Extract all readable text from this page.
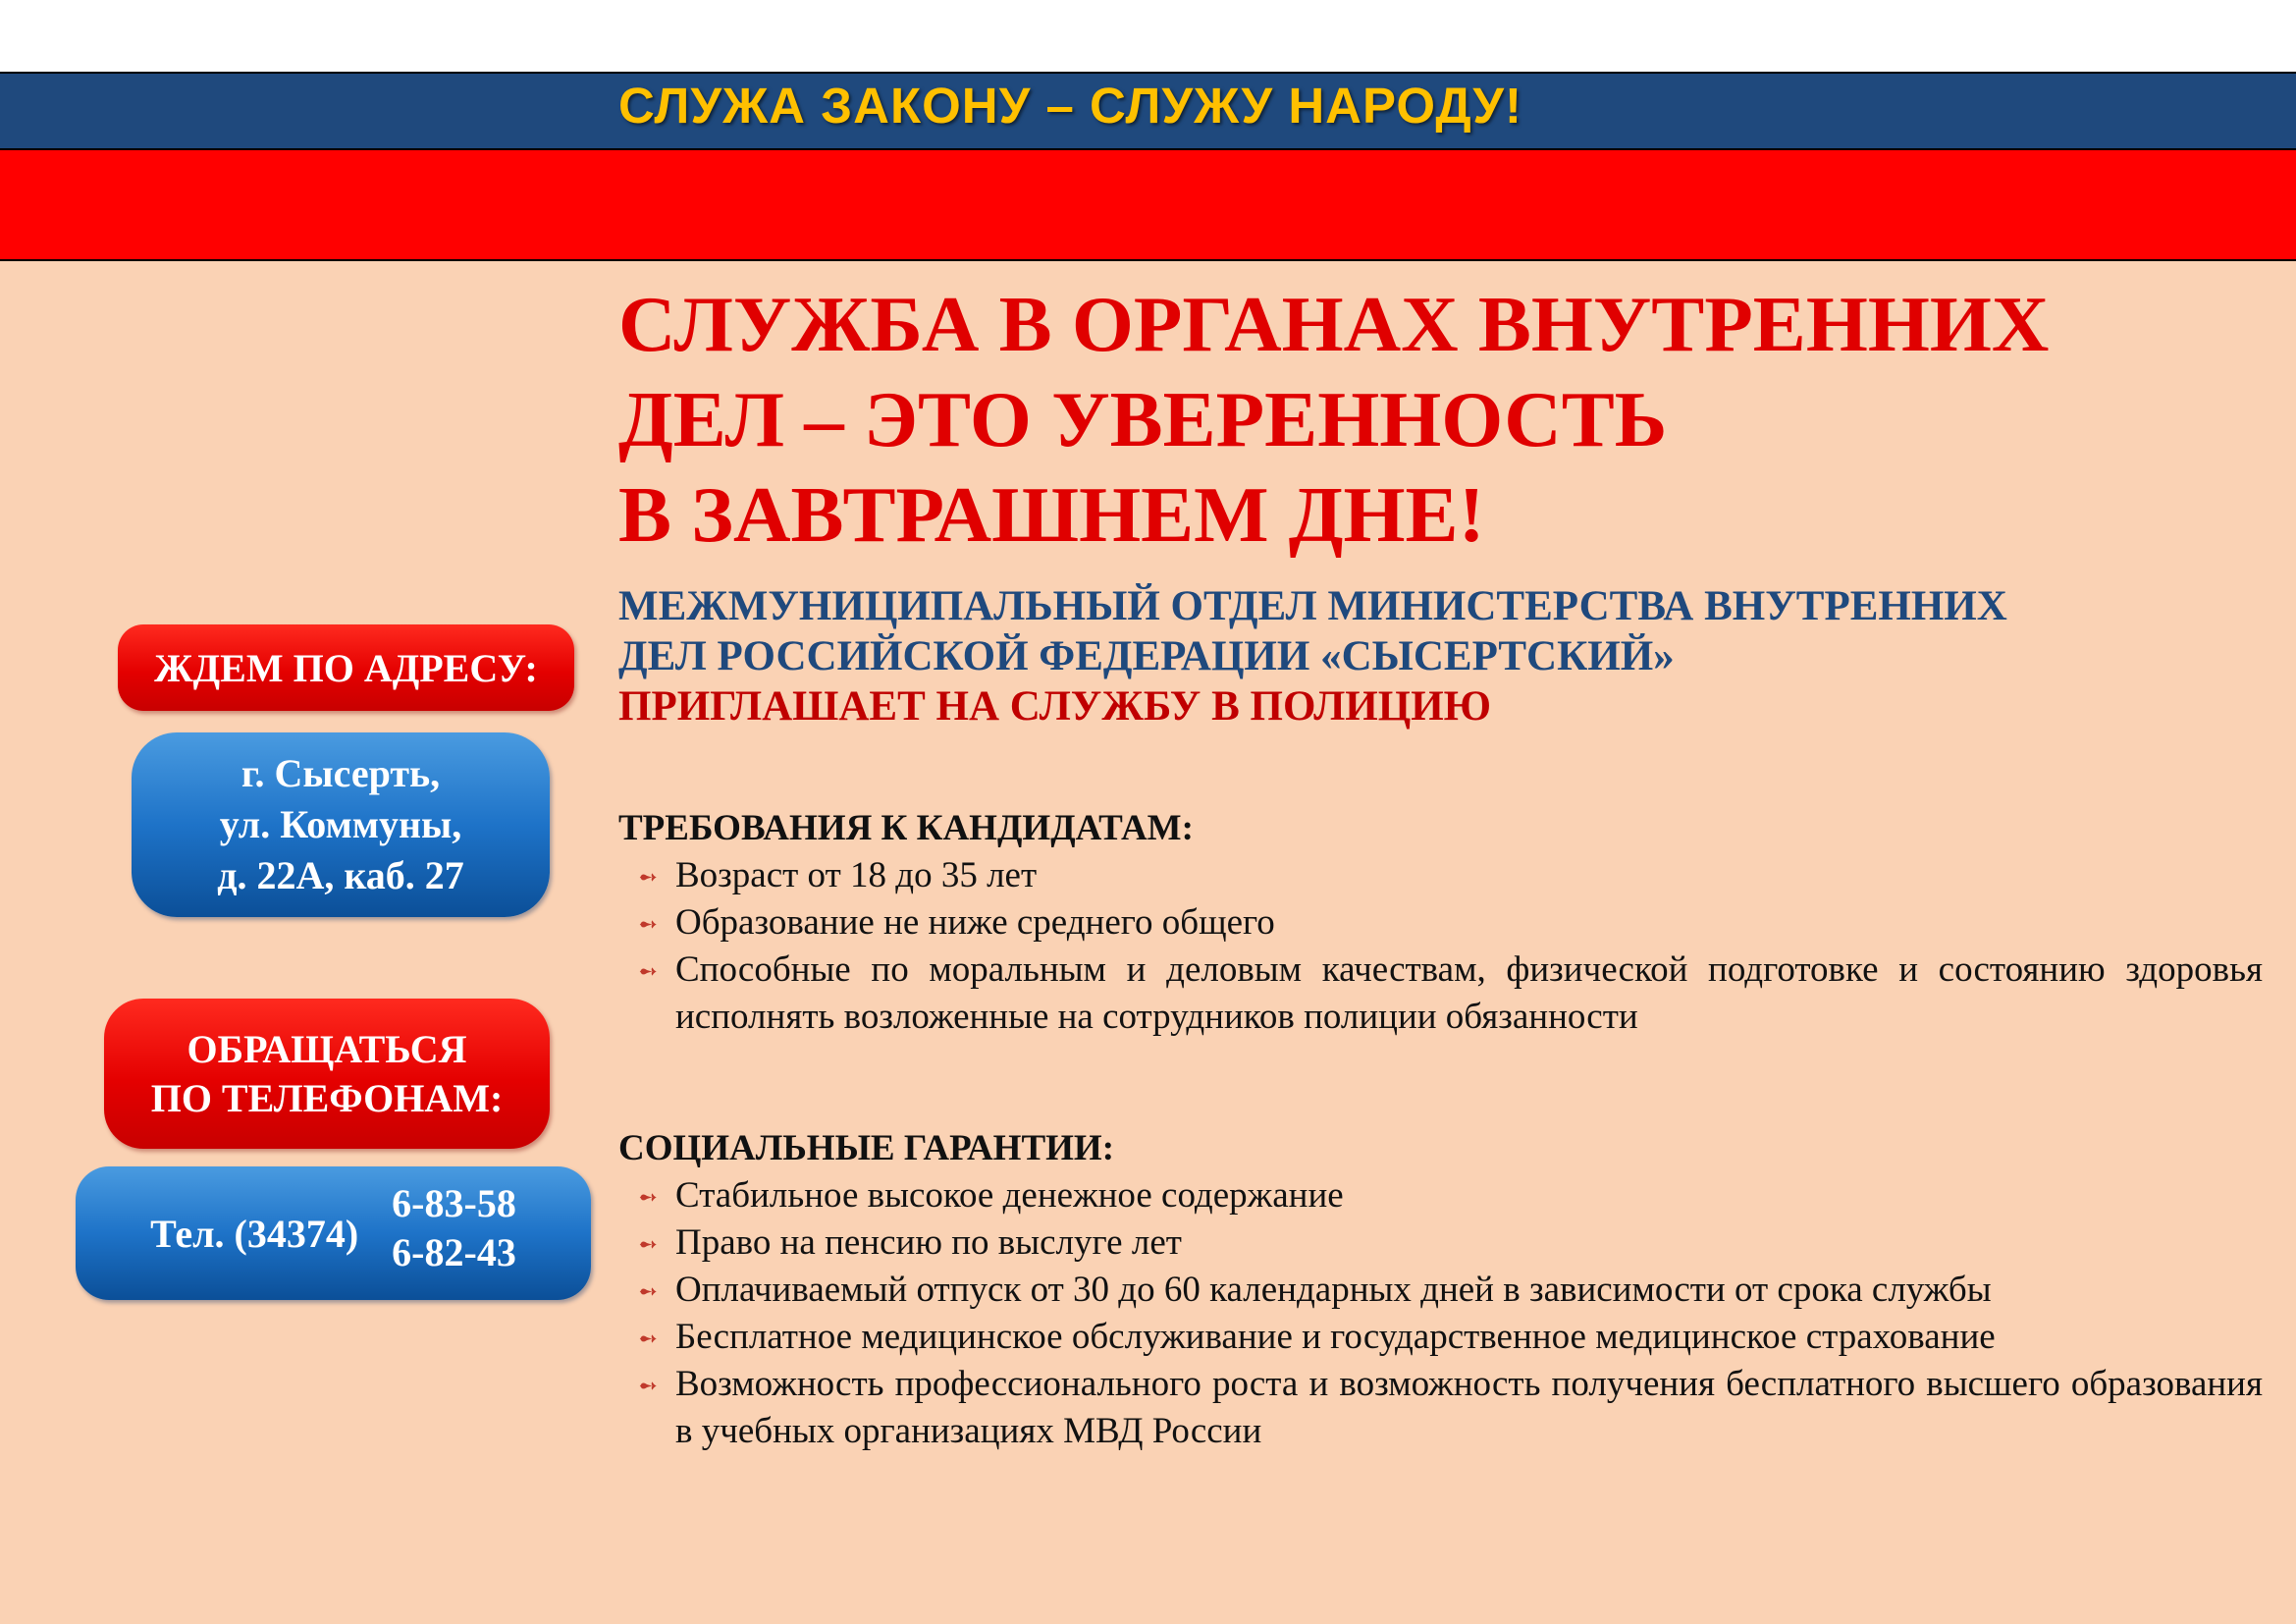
СЛУЖА ЗАКОНУ – СЛУЖУ НАРОДУ!
СЛУЖБА В ОРГАНАХ ВНУТРЕННИХ
ДЕЛ – ЭТО УВЕРЕННОСТЬ
В ЗАВТРАШНЕМ ДНЕ!
МЕЖМУНИЦИПАЛЬНЫЙ ОТДЕЛ МИНИСТЕРСТВА ВНУТРЕННИХ
ДЕЛ РОССИЙСКОЙ ФЕДЕРАЦИИ «СЫСЕРТСКИЙ»
ПРИГЛАШАЕТ НА СЛУЖБУ В ПОЛИЦИЮ
ТРЕБОВАНИЯ К КАНДИДАТАМ:
➻ Возраст от 18 до 35 лет
➻ Образование не ниже среднего общего
➻ Способные по моральным и деловым качествам, физической подготовке и состоянию здоровья исполнять возложенные на сотрудников полиции обязанности
СОЦИАЛЬНЫЕ ГАРАНТИИ:
➻ Стабильное высокое денежное содержание
➻ Право на пенсию по выслуге лет
➻ Оплачиваемый отпуск от 30 до 60 календарных дней в зависимости от срока службы
➻ Бесплатное медицинское обслуживание и государственное медицинское страхование
➻ Возможность профессионального роста и возможность получения бесплатного высшего образования в учебных организациях МВД России
ЖДЕМ ПО АДРЕСУ:
г. Сысерть,
ул. Коммуны,
д. 22А, каб. 27
ОБРАЩАТЬСЯ
ПО ТЕЛЕФОНАМ:
Тел. (34374)
6-83-58
6-82-43
